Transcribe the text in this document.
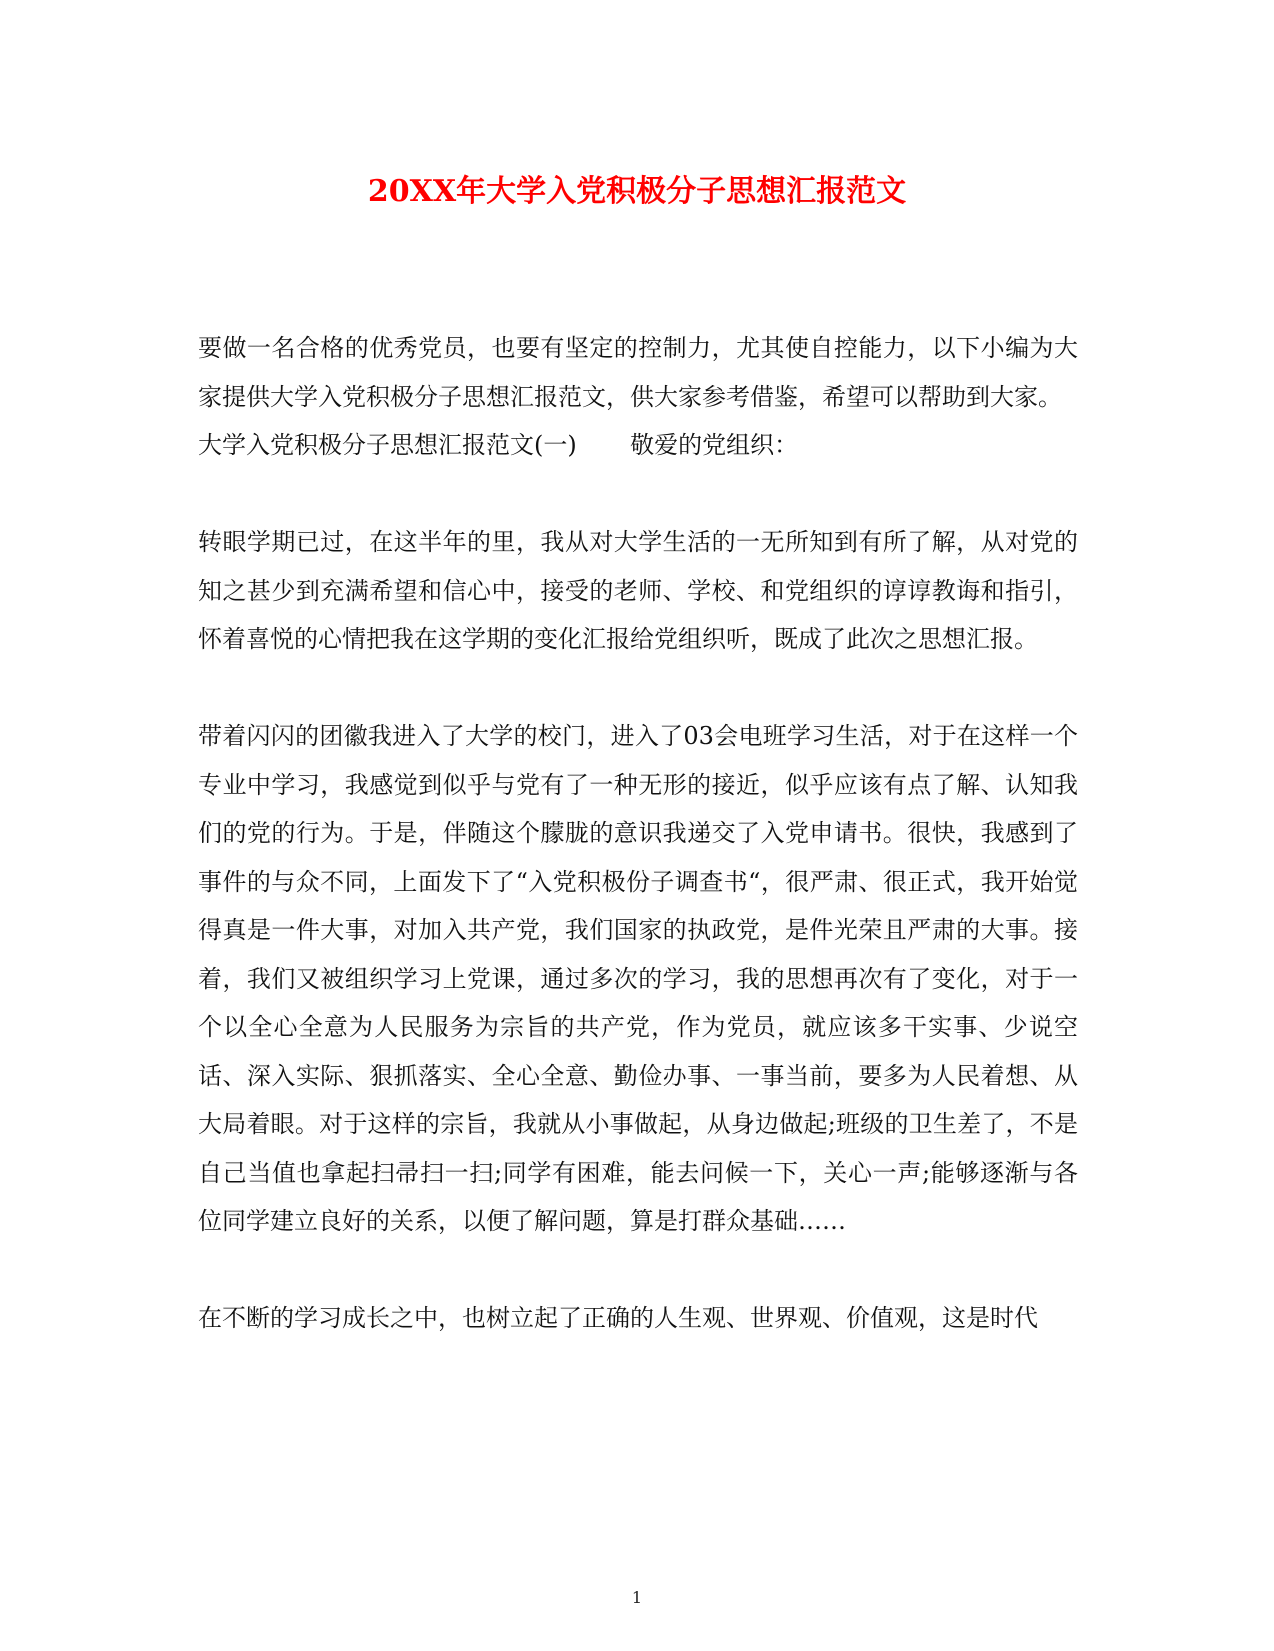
20XX年大学入党积极分子思想汇报范文

要做一名合格的优秀党员，也要有坚定的控制力，尤其使自控能力，以下小编为大家提供大学入党积极分子思想汇报范文，供大家参考借鉴，希望可以帮助到大家。

大学入党积极分子思想汇报范文(一) 敬爱的党组织：

转眼学期已过，在这半年的里，我从对大学生活的一无所知到有所了解，从对党的知之甚少到充满希望和信心中，接受的老师、学校、和党组织的谆谆教诲和指引，怀着喜悦的心情把我在这学期的变化汇报给党组织听，既成了此次之思想汇报。

带着闪闪的团徽我进入了大学的校门，进入了03会电班学习生活，对于在这样一个专业中学习，我感觉到似乎与党有了一种无形的接近，似乎应该有点了解、认知我们的党的行为。于是，伴随这个朦胧的意识我递交了入党申请书。很快，我感到了事件的与众不同，上面发下了“入党积极份子调查书“，很严肃、很正式，我开始觉得真是一件大事，对加入共产党，我们国家的执政党，是件光荣且严肃的大事。接着，我们又被组织学习上党课，通过多次的学习，我的思想再次有了变化，对于一个以全心全意为人民服务为宗旨的共产党，作为党员，就应该多干实事、少说空话、深入实际、狠抓落实、全心全意、勤俭办事、一事当前，要多为人民着想、从大局着眼。对于这样的宗旨，我就从小事做起，从身边做起;班级的卫生差了，不是自己当值也拿起扫帚扫一扫;同学有困难，能去问候一下，关心一声;能够逐渐与各位同学建立良好的关系，以便了解问题，算是打群众基础……

在不断的学习成长之中，也树立起了正确的人生观、世界观、价值观，这是时代

1
